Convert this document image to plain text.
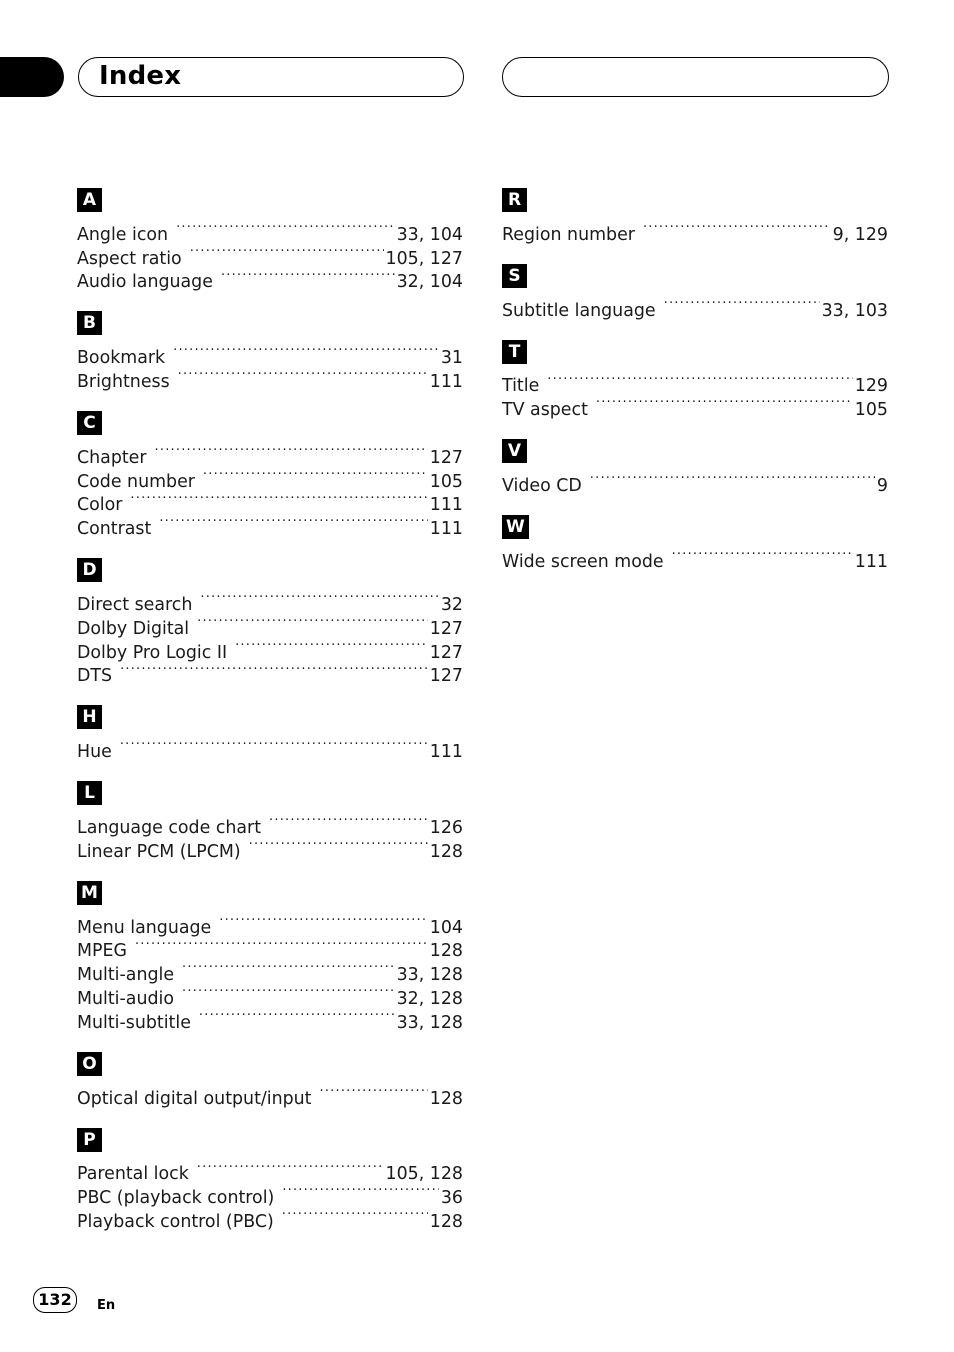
Index
A
Angle icon .....	33, 104
Aspect ratio .....	105, 127
Audio language .....	32, 104
B
Bookmark .....	31
Brightness .....	111
C
Chapter .....	127
Code number .....	105
Color .....	111
Contrast .....	111
D
Direct search .....	32
Dolby Digital .....	127
Dolby Pro Logic II .....	127
DTS .....	127
H
Hue .....	111
L
Language code chart .....	126
Linear PCM (LPCM) .....	128
M
Menu language .....	104
MPEG .....	128
Multi-angle .....	33, 128
Multi-audio .....	32, 128
Multi-subtitle .....	33, 128
O
Optical digital output/input .....	128
P
Parental lock .....	105, 128
PBC (playback control) .....	36
Playback control (PBC) .....	128
R
Region number .....	9, 129
S
Subtitle language .....	33, 103
T
Title .....	129
TV aspect .....	105
V
Video CD .....	9
W
Wide screen mode .....	111
132	En
